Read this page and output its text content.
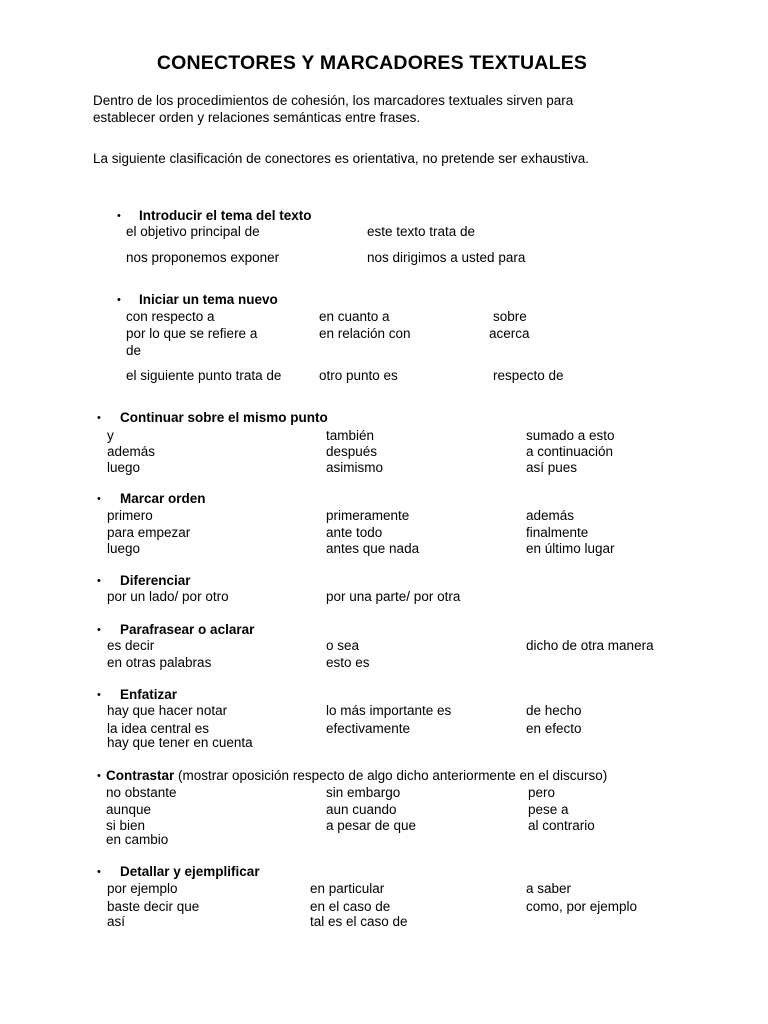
CONECTORES Y MARCADORES TEXTUALES
Dentro de los procedimientos de cohesión, los marcadores textuales sirven para
establecer orden y relaciones semánticas entre frases.
La siguiente clasificación de conectores es orientativa, no pretende ser exhaustiva.
• Introducir el tema del texto
el objetivo principal de	este texto trata de
nos proponemos exponer	nos dirigimos a usted para
• Iniciar un tema nuevo
con respecto a	en cuanto a	sobre
por lo que se refiere a	en relación con	acerca
de
el siguiente punto trata de	otro punto es	respecto de
• Continuar sobre el mismo punto
y	también	sumado a esto
además	después	a continuación
luego	asimismo	así pues
• Marcar orden
primero	primeramente	además
para empezar	ante todo	finalmente
luego	antes que nada	en último lugar
• Diferenciar
por un lado/ por otro	por una parte/ por otra
• Parafrasear o aclarar
es decir	o sea	dicho de otra manera
en otras palabras	esto es
• Enfatizar
hay que hacer notar	lo más importante es	de hecho
la idea central es	efectivamente	en efecto
hay que tener en cuenta
• Contrastar (mostrar oposición respecto de algo dicho anteriormente en el discurso)
no obstante	sin embargo	pero
aunque	aun cuando	pese a
si bien	a pesar de que	al contrario
en cambio
• Detallar y ejemplificar
por ejemplo	en particular	a saber
baste decir que	en el caso de	como, por ejemplo
así	tal es el caso de
